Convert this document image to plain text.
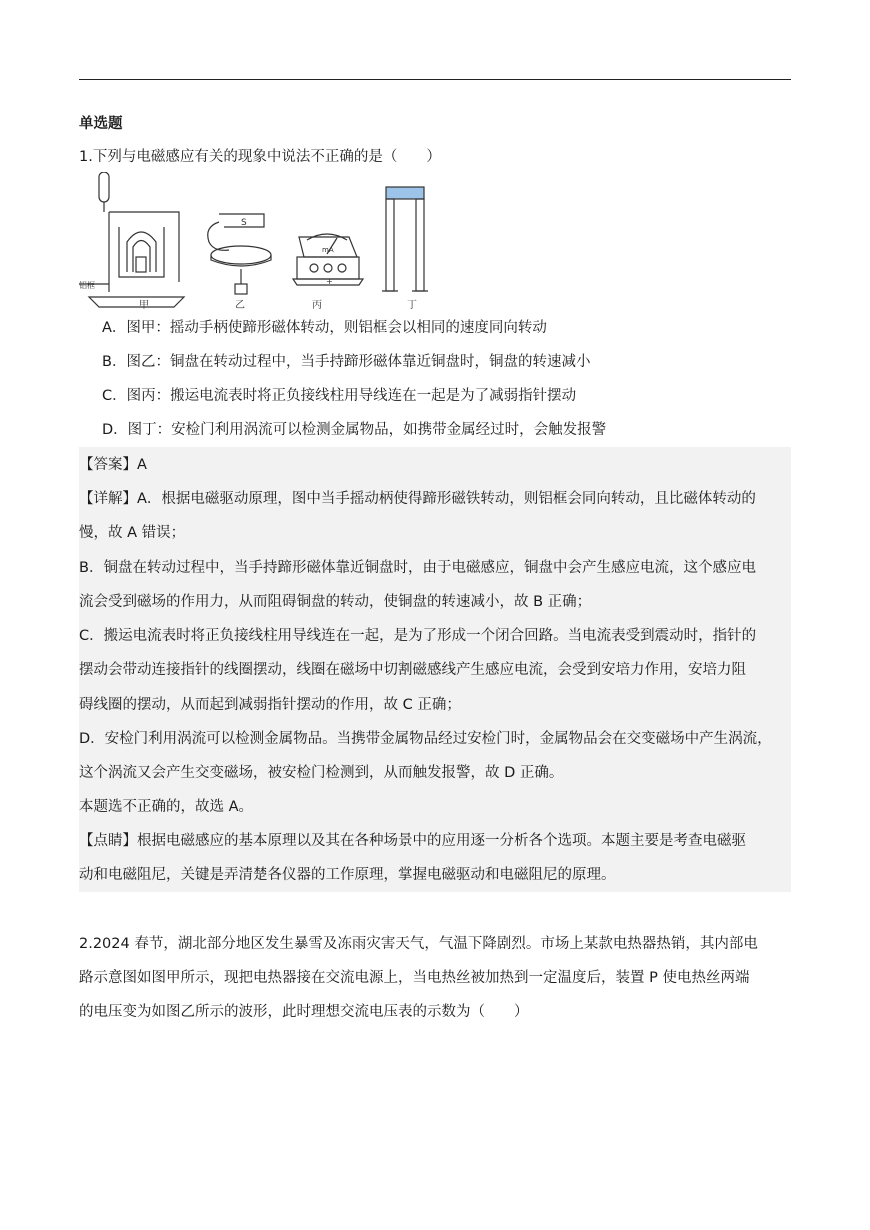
单选题
1.下列与电磁感应有关的现象中说法不正确的是（　　）
铝框
S
mA
+
甲	乙	丙	丁
A．图甲：摇动手柄使蹄形磁体转动，则铝框会以相同的速度同向转动
B．图乙：铜盘在转动过程中，当手持蹄形磁体靠近铜盘时，铜盘的转速减小
C．图丙：搬运电流表时将正负接线柱用导线连在一起是为了减弱指针摆动
D．图丁：安检门利用涡流可以检测金属物品，如携带金属经过时，会触发报警
【答案】A
【详解】A．根据电磁驱动原理，图中当手摇动柄使得蹄形磁铁转动，则铝框会同向转动，且比磁体转动的
慢，故 A 错误；
B．铜盘在转动过程中，当手持蹄形磁体靠近铜盘时，由于电磁感应，铜盘中会产生感应电流，这个感应电
流会受到磁场的作用力，从而阻碍铜盘的转动，使铜盘的转速减小，故 B 正确；
C．搬运电流表时将正负接线柱用导线连在一起，是为了形成一个闭合回路。当电流表受到震动时，指针的
摆动会带动连接指针的线圈摆动，线圈在磁场中切割磁感线产生感应电流，会受到安培力作用，安培力阻
碍线圈的摆动，从而起到减弱指针摆动的作用，故 C 正确；
D．安检门利用涡流可以检测金属物品。当携带金属物品经过安检门时，金属物品会在交变磁场中产生涡流，
这个涡流又会产生交变磁场，被安检门检测到，从而触发报警，故 D 正确。
本题选不正确的，故选 A。
【点睛】根据电磁感应的基本原理以及其在各种场景中的应用逐一分析各个选项。本题主要是考查电磁驱
动和电磁阻尼，关键是弄清楚各仪器的工作原理，掌握电磁驱动和电磁阻尼的原理。
2.2024 春节，湖北部分地区发生暴雪及冻雨灾害天气，气温下降剧烈。市场上某款电热器热销，其内部电
路示意图如图甲所示，现把电热器接在交流电源上，当电热丝被加热到一定温度后，装置 P 使电热丝两端
的电压变为如图乙所示的波形，此时理想交流电压表的示数为（　　）
